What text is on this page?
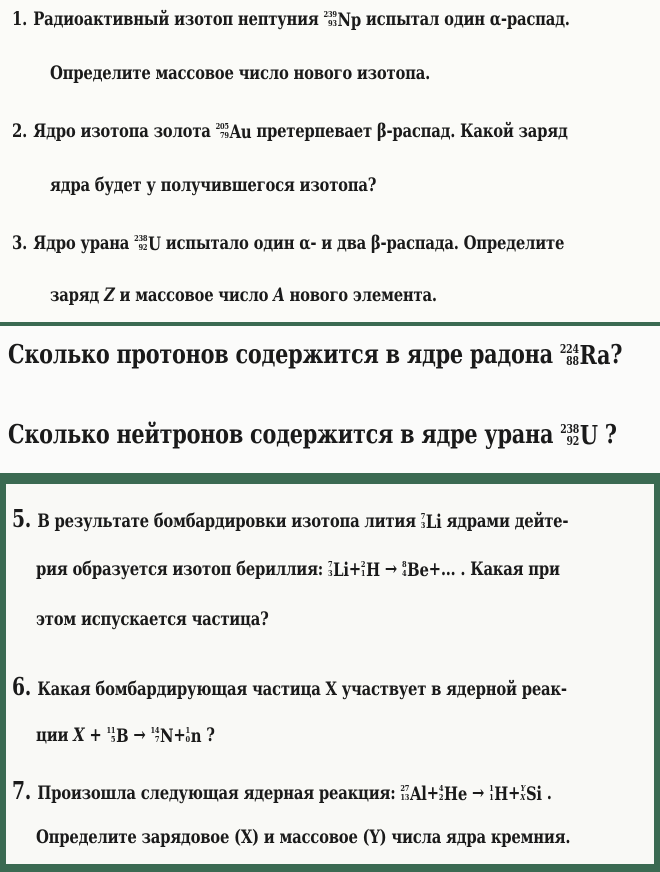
1. Радиоактивный изотоп нептуния 239
93 Np испытал один α-распад.
Определите массовое число нового изотопа.
2. Ядро изотопа золота 205
79 Au претерпевает β-распад. Какой заряд
ядра будет у получившегося изотопа?
3. Ядро урана 238
92 U испытало один α- и два β-распада. Определите
заряд Z и массовое число A нового элемента.
Сколько протонов содержится в ядре радона 224
88 Ra ?
Сколько нейтронов содержится в ядре урана 238
92 U ?
5. В результате бомбардировки изотопа лития 7
3 Li ядрами дейте-
рия образуется изотоп бериллия: 7
3 Li + 2
1 H → 8
4 Be +… . Какая при
этом испускается частица?
6. Какая бомбардирующая частица X участвует в ядерной реак-
ции X + 11
5 B → 14
7 N + 1
0 n ?
7. Произошла следующая ядерная реакция: 27
13 Al + 4
2 He → 1
1 H + Y
X Si .
Определите зарядовое (X) и массовое (Y) числа ядра кремния.
